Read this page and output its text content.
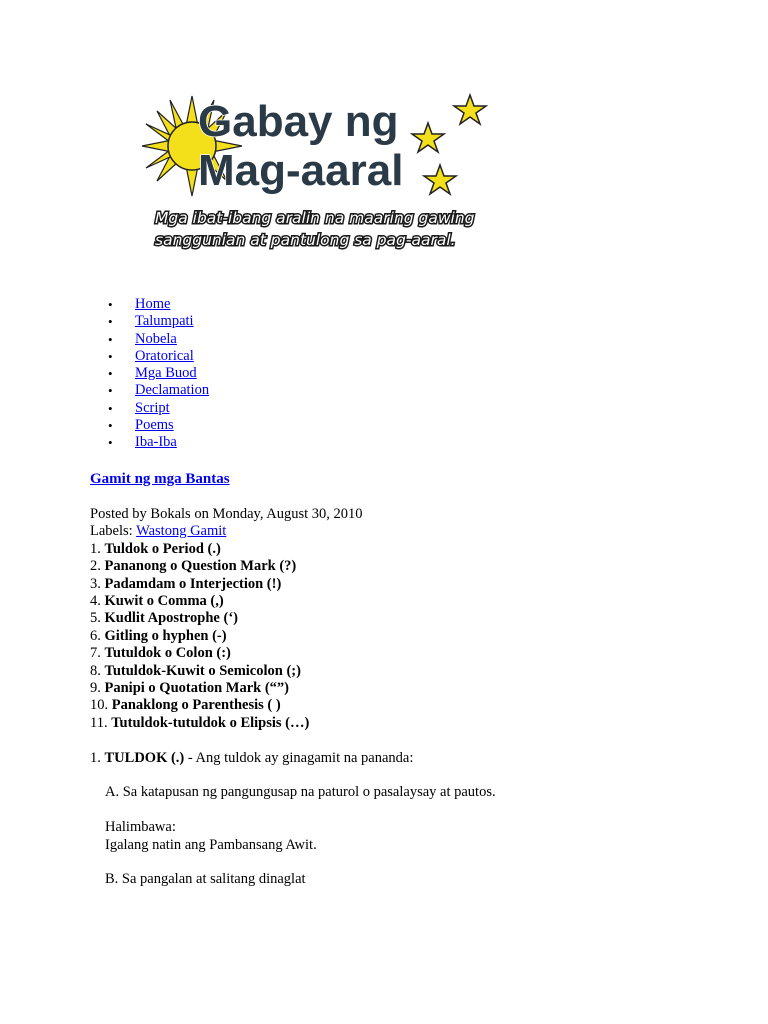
Gabay ng
Mag-aaral
Mga ibat-ibang aralin na maaring gawing
sanggunian at pantulong sa pag-aaral.
• Home
• Talumpati
• Nobela
• Oratorical
• Mga Buod
• Declamation
• Script
• Poems
• Iba-Iba
Gamit ng mga Bantas

Posted by Bokals on Monday, August 30, 2010

Labels: Wastong Gamit

1. Tuldok o Period (.)

2. Pananong o Question Mark (?)

3. Padamdam o Interjection (!)

4. Kuwit o Comma (,)

5. Kudlit Apostrophe (‘)

6. Gitling o hyphen (-)

7. Tutuldok o Colon (:)

8. Tutuldok-Kuwit o Semicolon (;)

9. Panipi o Quotation Mark (“”)

10. Panaklong o Parenthesis ( )

11. Tutuldok-tutuldok o Elipsis (…)

1. TULDOK (.) - Ang tuldok ay ginagamit na pananda:

A. Sa katapusan ng pangungusap na paturol o pasalaysay at pautos.

Halimbawa:

Igalang natin ang Pambansang Awit.

B. Sa pangalan at salitang dinaglat
